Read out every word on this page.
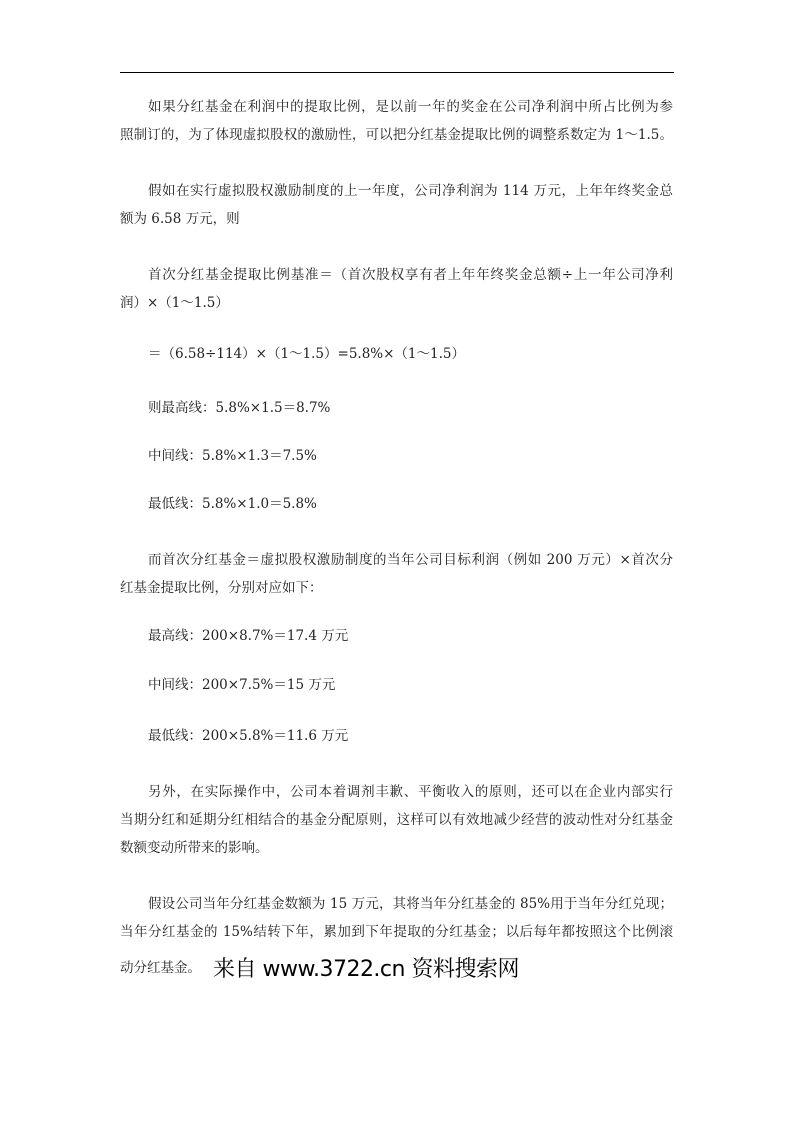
如果分红基金在利润中的提取比例，是以前一年的奖金在公司净利润中所占比例为参
照制订的，为了体现虚拟股权的激励性，可以把分红基金提取比例的调整系数定为 1～1.5。
假如在实行虚拟股权激励制度的上一年度，公司净利润为 114 万元，上年年终奖金总
额为 6.58 万元，则
首次分红基金提取比例基准＝（首次股权享有者上年年终奖金总额÷上一年公司净利
润）×（1～1.5）
＝（6.58÷114）×（1～1.5）=5.8%×（1～1.5）
则最高线：5.8%×1.5＝8.7%
中间线：5.8%×1.3＝7.5%
最低线：5.8%×1.0＝5.8%
而首次分红基金＝虚拟股权激励制度的当年公司目标利润（例如 200 万元）×首次分
红基金提取比例，分别对应如下：
最高线：200×8.7%＝17.4 万元
中间线：200×7.5%＝15 万元
最低线：200×5.8%＝11.6 万元
另外，在实际操作中，公司本着调剂丰歉、平衡收入的原则，还可以在企业内部实行
当期分红和延期分红相结合的基金分配原则，这样可以有效地减少经营的波动性对分红基金
数额变动所带来的影响。
假设公司当年分红基金数额为 15 万元，其将当年分红基金的 85%用于当年分红兑现；
当年分红基金的 15%结转下年，累加到下年提取的分红基金；以后每年都按照这个比例滚
动分红基金。 来自 www.3722.cn 资料搜索网
